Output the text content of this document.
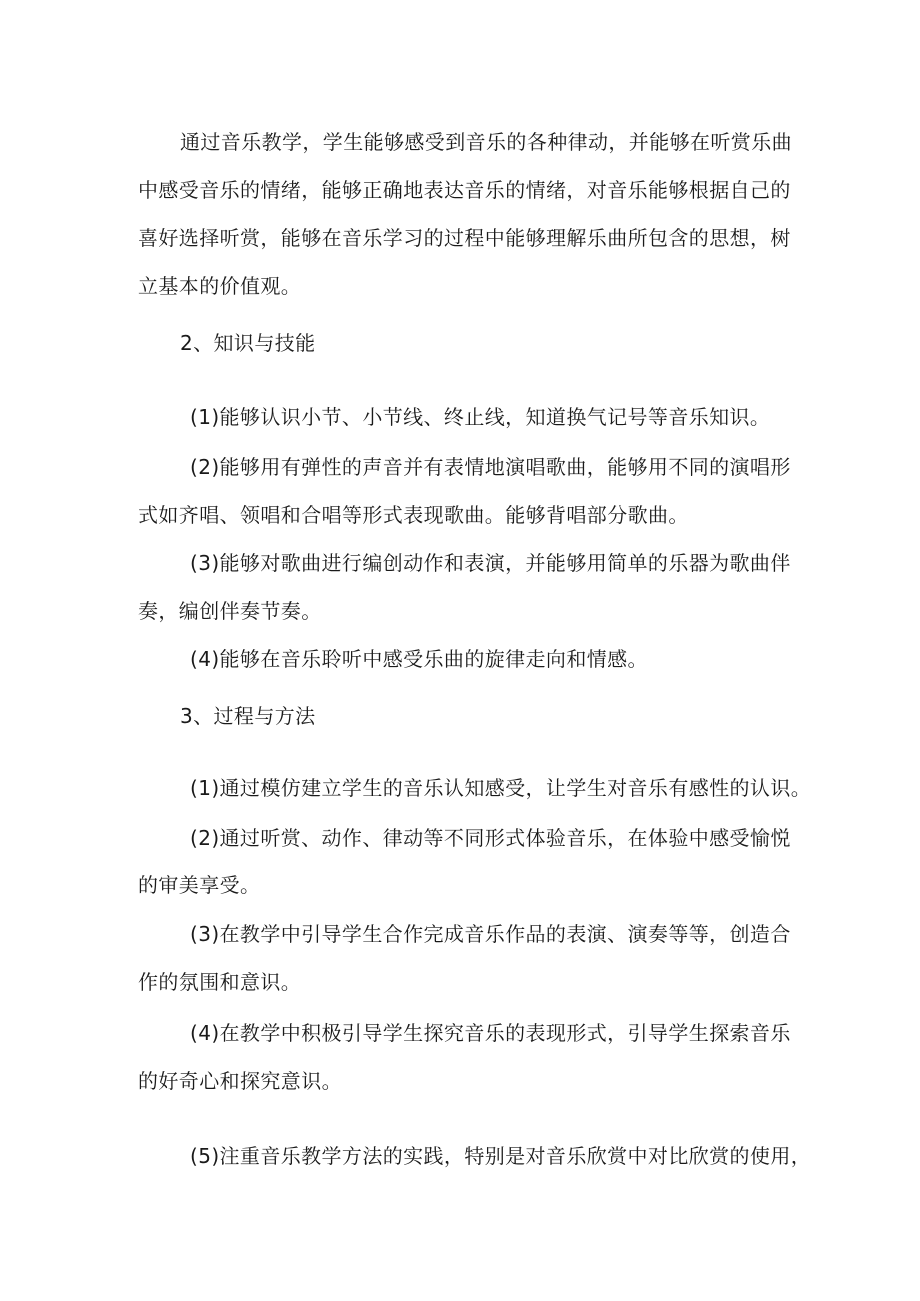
通过音乐教学，学生能够感受到音乐的各种律动，并能够在听赏乐曲
中感受音乐的情绪，能够正确地表达音乐的情绪，对音乐能够根据自己的
喜好选择听赏，能够在音乐学习的过程中能够理解乐曲所包含的思想，树
立基本的价值观。
2、知识与技能
(1)能够认识小节、小节线、终止线，知道换气记号等音乐知识。
(2)能够用有弹性的声音并有表情地演唱歌曲，能够用不同的演唱形
式如齐唱、领唱和合唱等形式表现歌曲。能够背唱部分歌曲。
(3)能够对歌曲进行编创动作和表演，并能够用简单的乐器为歌曲伴
奏，编创伴奏节奏。
(4)能够在音乐聆听中感受乐曲的旋律走向和情感。
3、过程与方法
(1)通过模仿建立学生的音乐认知感受，让学生对音乐有感性的认识。
(2)通过听赏、动作、律动等不同形式体验音乐，在体验中感受愉悦
的审美享受。
(3)在教学中引导学生合作完成音乐作品的表演、演奏等等，创造合
作的氛围和意识。
(4)在教学中积极引导学生探究音乐的表现形式，引导学生探索音乐
的好奇心和探究意识。
(5)注重音乐教学方法的实践，特别是对音乐欣赏中对比欣赏的使用，
